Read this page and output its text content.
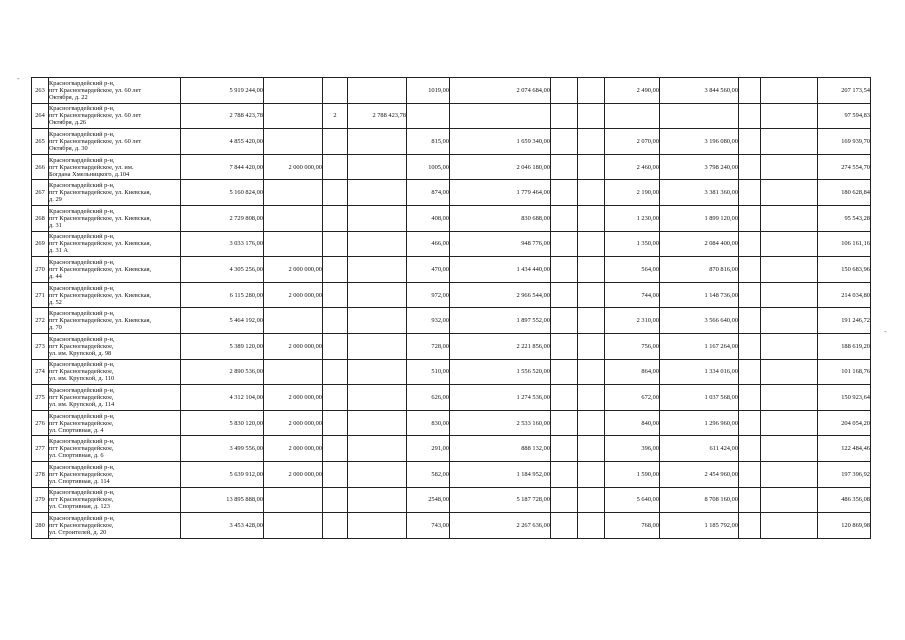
-
-
263	Красногвардейский р-н,
пгт Красногвардейское, ул. 60 лет
Октября, д. 22	5 919 244,00				1019,00	2 074 684,00			2 490,00	3 844 560,00			207 173,54
264	Красногвардейский р-н,
пгт Красногвардейское, ул. 60 лет
Октября, д.26	2 788 423,78		2	2 788 423,78									97 594,83
265	Красногвардейский р-н,
пгт Красногвардейское, ул. 60 лет
Октября, д. 30	4 855 420,00				815,00	1 659 340,00			2 070,00	3 196 080,00			169 939,70
266	Красногвардейский р-н,
пгт Красногвардейское, ул. им.
Богдана Хмельницкого, д.104	7 844 420,00	2 000 000,00			1005,00	2 046 180,00			2 460,00	3 798 240,00			274 554,70
267	Красногвардейский р-н,
пгт Красногвардейское, ул. Киевская,
д. 29	5 160 824,00				874,00	1 779 464,00			2 190,00	3 381 360,00			180 628,84
268	Красногвардейский р-н,
пгт Красногвардейское, ул. Киевская,
д. 31	2 729 808,00				408,00	830 688,00			1 230,00	1 899 120,00			95 543,28
269	Красногвардейский р-н,
пгт Красногвардейское, ул. Киевская,
д. 31 А	3 033 176,00				466,00	948 776,00			1 350,00	2 084 400,00			106 161,16
270	Красногвардейский р-н,
пгт Красногвардейское, ул. Киевская,
д. 44	4 305 256,00	2 000 000,00			470,00	1 434 440,00			564,00	870 816,00			150 683,96
271	Красногвардейский р-н,
пгт Красногвардейское, ул. Киевская,
д. 52	6 115 280,00	2 000 000,00			972,00	2 966 544,00			744,00	1 148 736,00			214 034,80
272	Красногвардейский р-н,
пгт Красногвардейское, ул. Киевская,
д. 70	5 464 192,00				932,00	1 897 552,00			2 310,00	3 566 640,00			191 246,72
273	Красногвардейский р-н,
пгт Красногвардейское,
ул. им. Крупской, д. 98	5 389 120,00	2 000 000,00			728,00	2 221 856,00			756,00	1 167 264,00			188 619,20
274	Красногвардейский р-н,
пгт Красногвардейское,
ул. им. Крупской, д. 110	2 890 536,00				510,00	1 556 520,00			864,00	1 334 016,00			101 168,76
275	Красногвардейский р-н,
пгт Красногвардейское,
ул. им. Крупской, д. 114	4 312 104,00	2 000 000,00			626,00	1 274 536,00			672,00	1 037 568,00			150 923,64
276	Красногвардейский р-н,
пгт Красногвардейское,
ул. Спортивная, д. 4	5 830 120,00	2 000 000,00			830,00	2 533 160,00			840,00	1 296 960,00			204 054,20
277	Красногвардейский р-н,
пгт Красногвардейское,
ул. Спортивная, д. 6	3 499 556,00	2 000 000,00			291,00	888 132,00			396,00	611 424,00			122 484,46
278	Красногвардейский р-н,
пгт Красногвардейское,
ул. Спортивная, д. 114	5 639 912,00	2 000 000,00			582,00	1 184 952,00			1 590,00	2 454 960,00			197 396,92
279	Красногвардейский р-н,
пгт Красногвардейское,
ул. Спортивная, д. 123	13 895 888,00				2548,00	5 187 728,00			5 640,00	8 708 160,00			486 356,08
280	Красногвардейский р-н,
пгт Красногвардейское,
ул. Строителей, д. 20	3 453 428,00				743,00	2 267 636,00			768,00	1 185 792,00			120 869,98
